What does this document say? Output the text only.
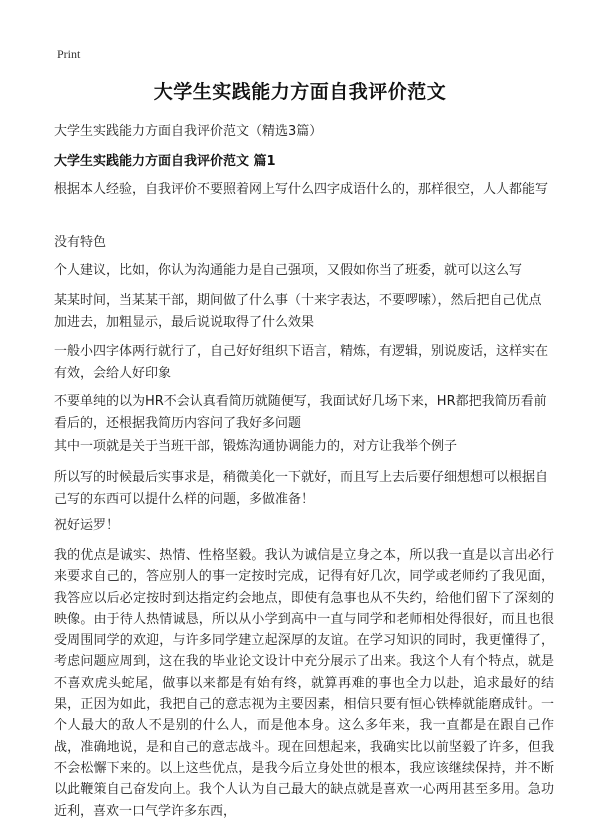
Print
大学生实践能力方面自我评价范文
大学生实践能力方面自我评价范文（精选3篇）
大学生实践能力方面自我评价范文 篇1

根据本人经验，自我评价不要照着网上写什么四字成语什么的，那样很空，人人都能写

没有特色

个人建议，比如，你认为沟通能力是自己强项，又假如你当了班委，就可以这么写

某某时间，当某某干部，期间做了什么事（十来字表达，不要啰嗦），然后把自己优点加进去，加粗显示，最后说说取得了什么效果

一般小四字体两行就行了，自己好好组织下语言，精炼，有逻辑，别说废话，这样实在有效，会给人好印象

不要单纯的以为HR不会认真看简历就随便写，我面试好几场下来，HR都把我简历看前看后的，还根据我简历内容问了我好多问题

其中一项就是关于当班干部，锻炼沟通协调能力的，对方让我举个例子

所以写的时候最后实事求是，稍微美化一下就好，而且写上去后要仔细想想可以根据自己写的东西可以提什么样的问题，多做准备！

祝好运罗！

我的优点是诚实、热情、性格坚毅。我认为诚信是立身之本，所以我一直是以言出必行来要求自己的，答应别人的事一定按时完成，记得有好几次，同学或老师约了我见面，我答应以后必定按时到达指定约会地点，即使有急事也从不失约，给他们留下了深刻的映像。由于待人热情诚恳，所以从小学到高中一直与同学和老师相处得很好，而且也很受周围同学的欢迎，与许多同学建立起深厚的友谊。在学习知识的同时，我更懂得了，考虑问题应周到，这在我的毕业论文设计中充分展示了出来。我这个人有个特点，就是不喜欢虎头蛇尾，做事以来都是有始有终，就算再难的事也全力以赴，追求最好的结果，正因为如此，我把自己的意志视为主要因素，相信只要有恒心铁棒就能磨成针。一个人最大的敌人不是别的什么人，而是他本身。这么多年来，我一直都是在跟自己作战，准确地说，是和自己的意志战斗。现在回想起来，我确实比以前坚毅了许多，但我不会松懈下来的。以上这些优点，是我今后立身处世的根本，我应该继续保持，并不断以此鞭策自己奋发向上。我个人认为自己最大的缺点就是喜欢一心两用甚至多用。急功近利，喜欢一口气学许多东西，
